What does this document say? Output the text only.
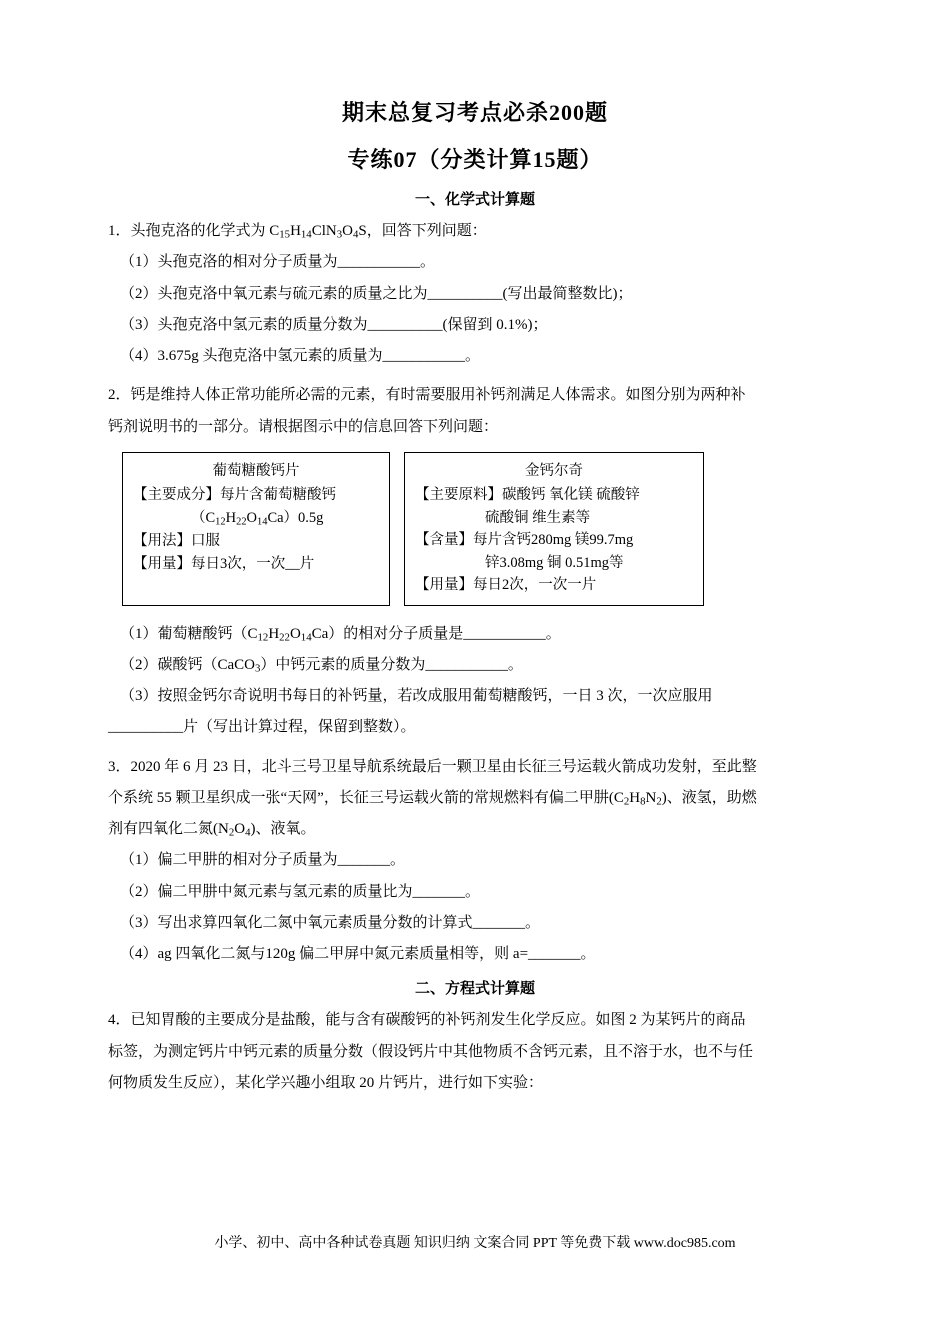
期末总复习考点必杀200题
专练07（分类计算15题）
一、化学式计算题

1．头孢克洛的化学式为 $C_{15}H_{14}ClN_3O_4S$，回答下列问题：

（1）头孢克洛的相对分子质量为___________。

（2）头孢克洛中氧元素与硫元素的质量之比为__________(写出最简整数比)；

（3）头孢克洛中氢元素的质量分数为__________(保留到 0.1%)；

（4）3.675g 头孢克洛中氢元素的质量为___________。

2．钙是维持人体正常功能所必需的元素，有时需要服用补钙剂满足人体需求。如图分别为两种补

钙剂说明书的一部分。请根据图示中的信息回答下列问题：

葡萄糖酸钙片
【主要成分】每片含葡萄糖酸钙
$(C_{12}H_{22}O_{14}Ca)0.5g$
【用法】口服
【用量】每日3次，一次__片
金钙尔奇
【主要原料】碳酸钙 氧化镁 硫酸锌
硫酸铜 维生素等
【含量】每片含钙280mg 镁99.7mg
锌3.08mg 铜 0.51mg等
【用量】每日2次，一次一片

（1）葡萄糖酸钙$(C_{12}H_{22}O_{14}Ca)$的相对分子质量是___________。

（2）碳酸钙（CaCO$_3$）中钙元素的质量分数为___________。

（3）按照金钙尔奇说明书每日的补钙量，若改成服用葡萄糖酸钙，一日 3 次，一次应服用

__________片（写出计算过程，保留到整数）。

3．2020 年 6 月 23 日，北斗三号卫星导航系统最后一颗卫星由长征三号运载火箭成功发射，至此整

个系统 55 颗卫星织成一张“天网”，长征三号运载火箭的常规燃料有偏二甲肼$(C_2H_8N_2)$、液氢，助燃

剂有四氧化二氮$(N_2O_4)$、液氧。

（1）偏二甲肼的相对分子质量为_______。

（2）偏二甲肼中氮元素与氢元素的质量比为_______。

（3）写出求算四氧化二氮中氧元素质量分数的计算式_______。

（4）ag 四氧化二氮与120g 偏二甲屏中氮元素质量相等，则 a=_______。

二、方程式计算题

4．已知胃酸的主要成分是盐酸，能与含有碳酸钙的补钙剂发生化学反应。如图 2 为某钙片的商品

标签，为测定钙片中钙元素的质量分数（假设钙片中其他物质不含钙元素，且不溶于水，也不与任

何物质发生反应），某化学兴趣小组取 20 片钙片，进行如下实验：

小学、初中、高中各种试卷真题 知识归纳 文案合同 PPT 等免费下载 www.doc985.com
